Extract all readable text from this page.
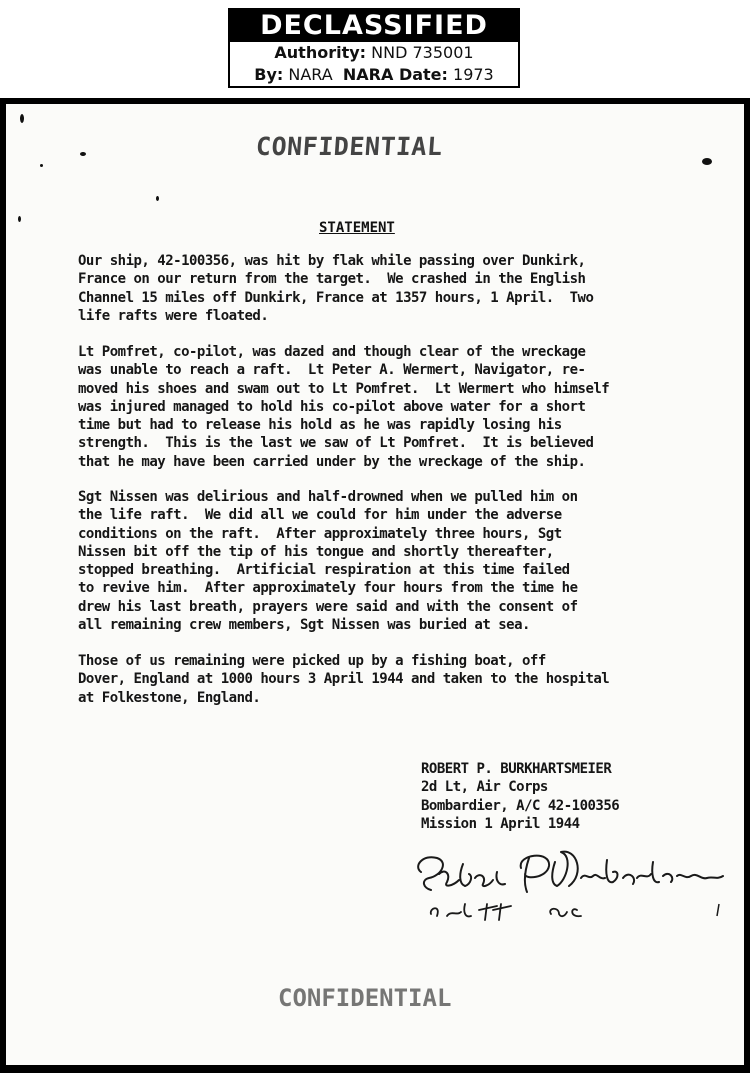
DECLASSIFIED
Authority: NND 735001
By: NARA NARA Date: 1973
CONFIDENTIAL
STATEMENT
Our ship, 42-100356, was hit by flak while passing over Dunkirk,
France on our return from the target.  We crashed in the English
Channel 15 miles off Dunkirk, France at 1357 hours, 1 April.  Two
life rafts were floated.
Lt Pomfret, co-pilot, was dazed and though clear of the wreckage
was unable to reach a raft.  Lt Peter A. Wermert, Navigator, re-
moved his shoes and swam out to Lt Pomfret.  Lt Wermert who himself
was injured managed to hold his co-pilot above water for a short
time but had to release his hold as he was rapidly losing his
strength.  This is the last we saw of Lt Pomfret.  It is believed
that he may have been carried under by the wreckage of the ship.
Sgt Nissen was delirious and half-drowned when we pulled him on
the life raft.  We did all we could for him under the adverse
conditions on the raft.  After approximately three hours, Sgt
Nissen bit off the tip of his tongue and shortly thereafter,
stopped breathing.  Artificial respiration at this time failed
to revive him.  After approximately four hours from the time he
drew his last breath, prayers were said and with the consent of
all remaining crew members, Sgt Nissen was buried at sea.
Those of us remaining were picked up by a fishing boat, off
Dover, England at 1000 hours 3 April 1944 and taken to the hospital
at Folkestone, England.
ROBERT P. BURKHARTSMEIER
2d Lt, Air Corps
Bombardier, A/C 42-100356
Mission 1 April 1944
CONFIDENTIAL
